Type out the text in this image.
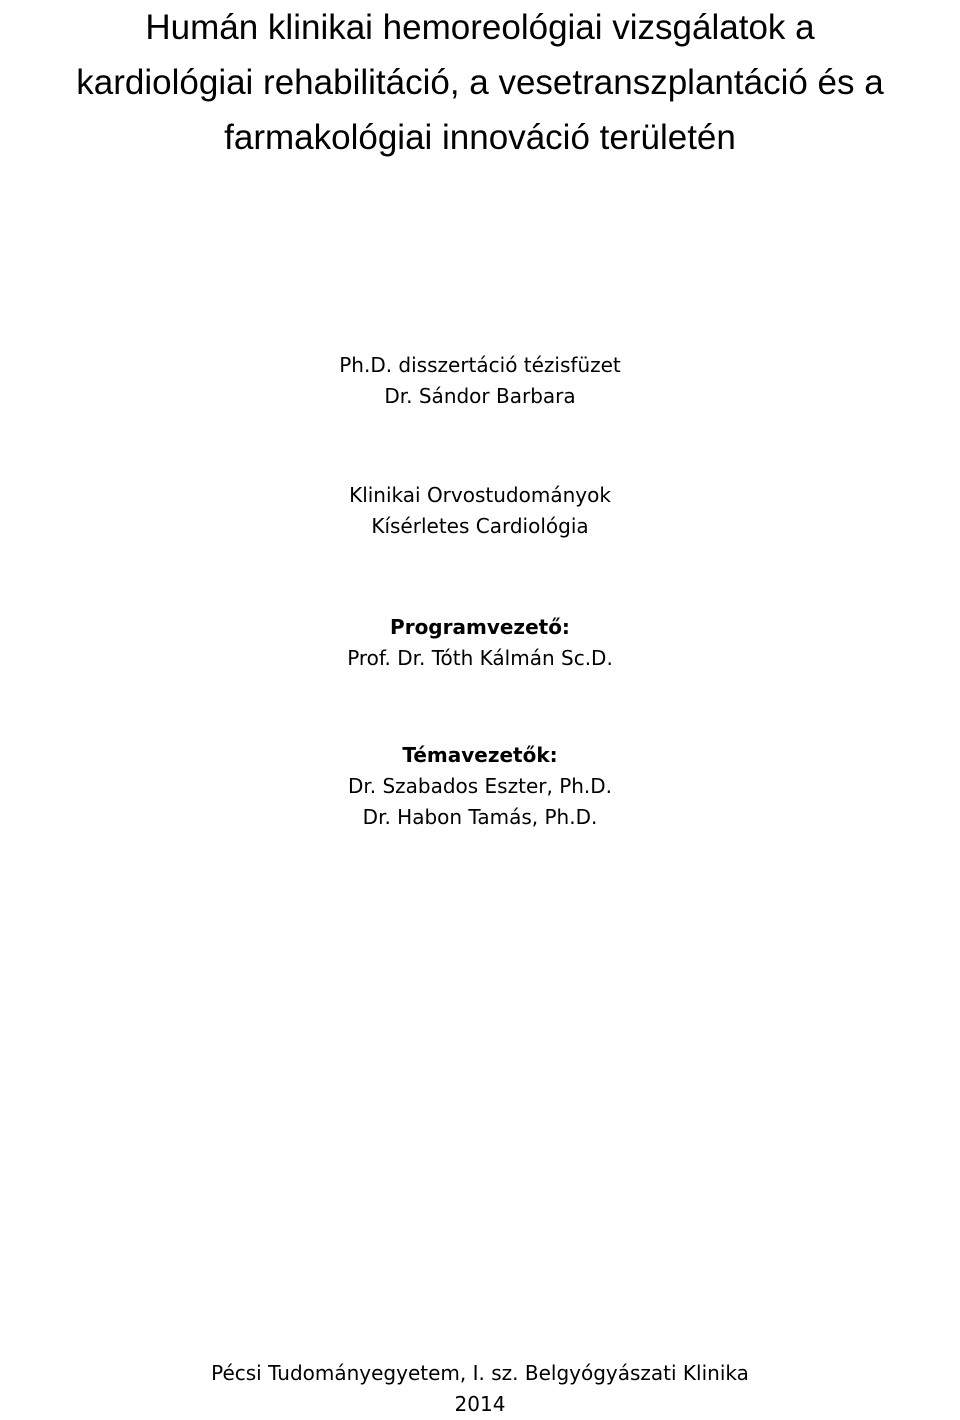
Humán klinikai hemoreológiai vizsgálatok a
kardiológiai rehabilitáció, a vesetranszplantáció és a
farmakológiai innováció területén
Ph.D. disszertáció tézisfüzet
Dr. Sándor Barbara
Klinikai Orvostudományok
Kísérletes Cardiológia
Programvezető:
Prof. Dr. Tóth Kálmán Sc.D.
Témavezetők:
Dr. Szabados Eszter, Ph.D.
Dr. Habon Tamás, Ph.D.
Pécsi Tudományegyetem, I. sz. Belgyógyászati Klinika
2014
